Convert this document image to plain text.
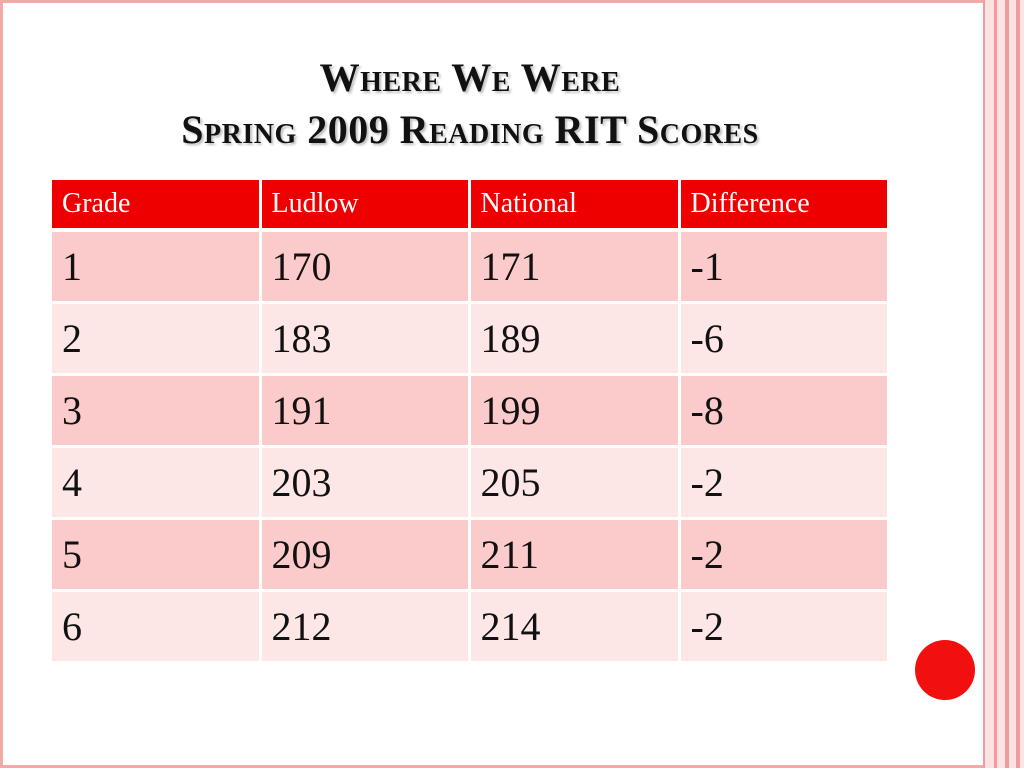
Where We Were
Spring 2009 Reading RIT Scores
Grade	Ludlow	National	Difference
1	170	171	-1
2	183	189	-6
3	191	199	-8
4	203	205	-2
5	209	211	-2
6	212	214	-2
